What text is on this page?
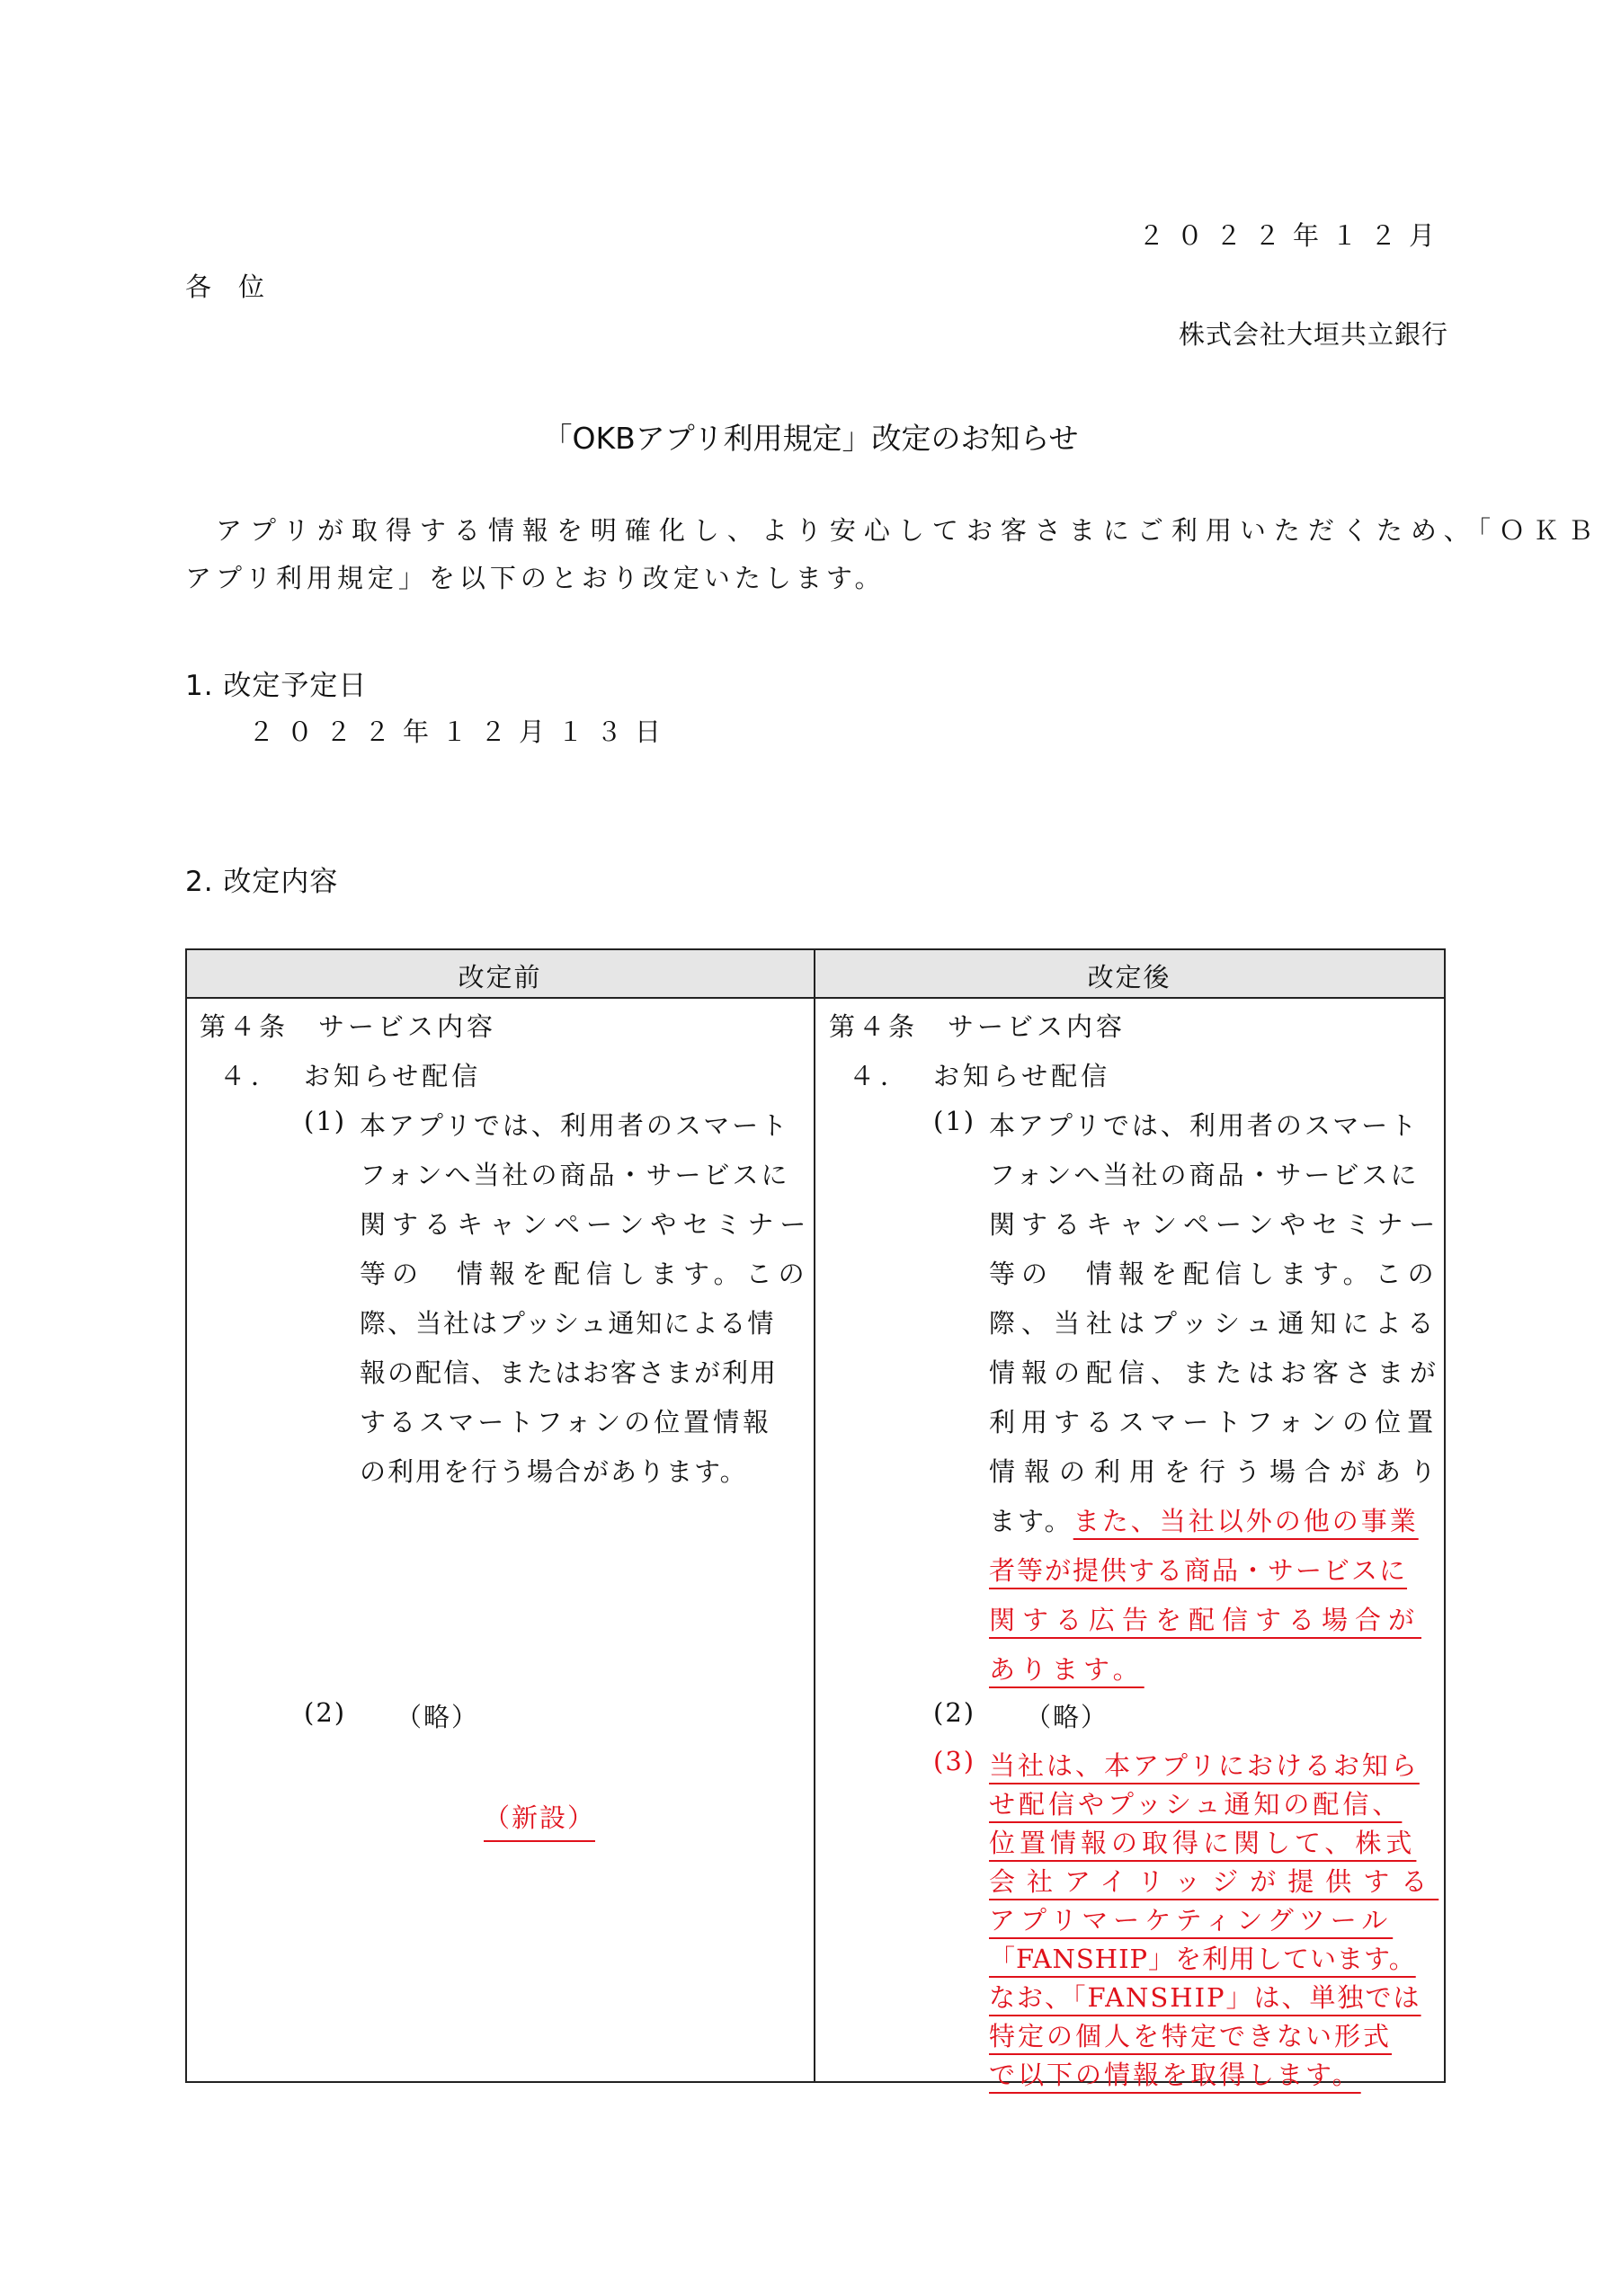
２０２２年１２月
各位
株式会社大垣共立銀行
「OKBアプリ利用規定」改定のお知らせ
アプリが取得する情報を明確化し、より安心してお客さまにご利用いただくため、「ＯＫＢ
アプリ利用規定」を以下のとおり改定いたします。
1. 改定予定日
２０２２年１２月１３日
2. 改定内容
改定前	改定後
第４条　サービス内容
４． お知らせ配信
(1) 本アプリでは、利用者のスマート
フォンへ当社の商品・サービスに
関するキャンペーンやセミナー
等の　情報を配信します。この
際、当社はプッシュ通知による情
報の配信、またはお客さまが利用
するスマートフォンの位置情報
の利用を行う場合があります。
(2) （略）
（新設）
第４条　サービス内容
４． お知らせ配信
(1) 本アプリでは、利用者のスマート
フォンへ当社の商品・サービスに
関するキャンペーンやセミナー
等の　情報を配信します。この
際、当社はプッシュ通知による
情報の配信、またはお客さまが
利用するスマートフォンの位置
情報の利用を行う場合があり
ます。また、当社以外の他の事業
者等が提供する商品・サービスに
関する広告を配信する場合が
あります。
(2) （略）
(3) 当社は、本アプリにおけるお知ら
せ配信やプッシュ通知の配信、
位置情報の取得に関して、株式
会社アイリッジが提供する
アプリマーケティングツール
「FANSHIP」を利用しています。
なお、「FANSHIP」は、単独では
特定の個人を特定できない形式
で以下の情報を取得します。
